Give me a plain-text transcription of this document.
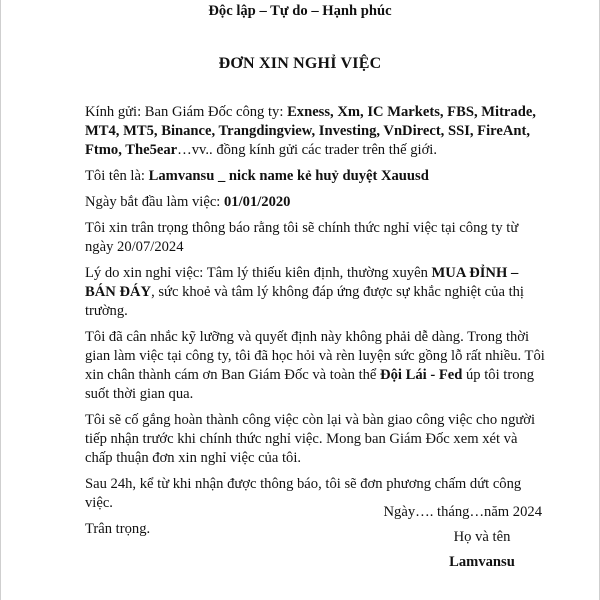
Độc lập – Tự do – Hạnh phúc
ĐƠN XIN NGHỈ VIỆC

Kính gửi: Ban Giám Đốc công ty: Exness, Xm, IC Markets, FBS, Mitrade, MT4, MT5, Binance, Trangdingview, Investing, VnDirect, SSI, FireAnt, Ftmo, The5ear…vv.. đồng kính gửi các trader trên thế giới.

Tôi tên là: Lamvansu _ nick name kẻ huỷ duyệt Xauusd

Ngày bắt đầu làm việc: 01/01/2020

Tôi xin trân trọng thông báo rằng tôi sẽ chính thức nghỉ việc tại công ty từ ngày 20/07/2024

Lý do xin nghỉ việc: Tâm lý thiếu kiên định, thường xuyên MUA ĐỈNH – BÁN ĐÁY, sức khoẻ và tâm lý không đáp ứng được sự khắc nghiệt của thị trường.

Tôi đã cân nhắc kỹ lưỡng và quyết định này không phải dễ dàng. Trong thời gian làm việc tại công ty, tôi đã học hỏi và rèn luyện sức gồng lỗ rất nhiều. Tôi xin chân thành cám ơn Ban Giám Đốc và toàn thể Đội Lái - Fed úp tôi trong suốt thời gian qua.

Tôi sẽ cố gắng hoàn thành công việc còn lại và bàn giao công việc cho người tiếp nhận trước khi chính thức nghỉ việc. Mong ban Giám Đốc xem xét và chấp thuận đơn xin nghỉ việc của tôi.

Sau 24h, kể từ khi nhận được thông báo, tôi sẽ đơn phương chấm dứt công việc.

Trân trọng.

Ngày…. tháng…năm 2024
Họ và tên
Lamvansu
